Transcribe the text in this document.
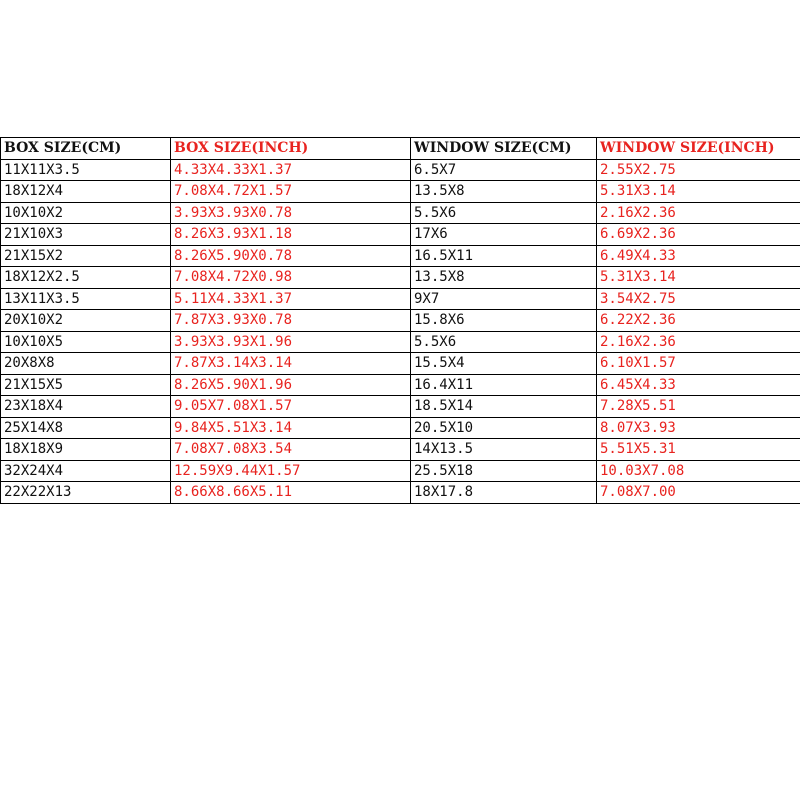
BOX SIZE(CM)	BOX SIZE(INCH)	WINDOW SIZE(CM)	WINDOW SIZE(INCH)
11X11X3.5	4.33X4.33X1.37	6.5X7	2.55X2.75
18X12X4	7.08X4.72X1.57	13.5X8	5.31X3.14
10X10X2	3.93X3.93X0.78	5.5X6	2.16X2.36
21X10X3	8.26X3.93X1.18	17X6	6.69X2.36
21X15X2	8.26X5.90X0.78	16.5X11	6.49X4.33
18X12X2.5	7.08X4.72X0.98	13.5X8	5.31X3.14
13X11X3.5	5.11X4.33X1.37	9X7	3.54X2.75
20X10X2	7.87X3.93X0.78	15.8X6	6.22X2.36
10X10X5	3.93X3.93X1.96	5.5X6	2.16X2.36
20X8X8	7.87X3.14X3.14	15.5X4	6.10X1.57
21X15X5	8.26X5.90X1.96	16.4X11	6.45X4.33
23X18X4	9.05X7.08X1.57	18.5X14	7.28X5.51
25X14X8	9.84X5.51X3.14	20.5X10	8.07X3.93
18X18X9	7.08X7.08X3.54	14X13.5	5.51X5.31
32X24X4	12.59X9.44X1.57	25.5X18	10.03X7.08
22X22X13	8.66X8.66X5.11	18X17.8	7.08X7.00
